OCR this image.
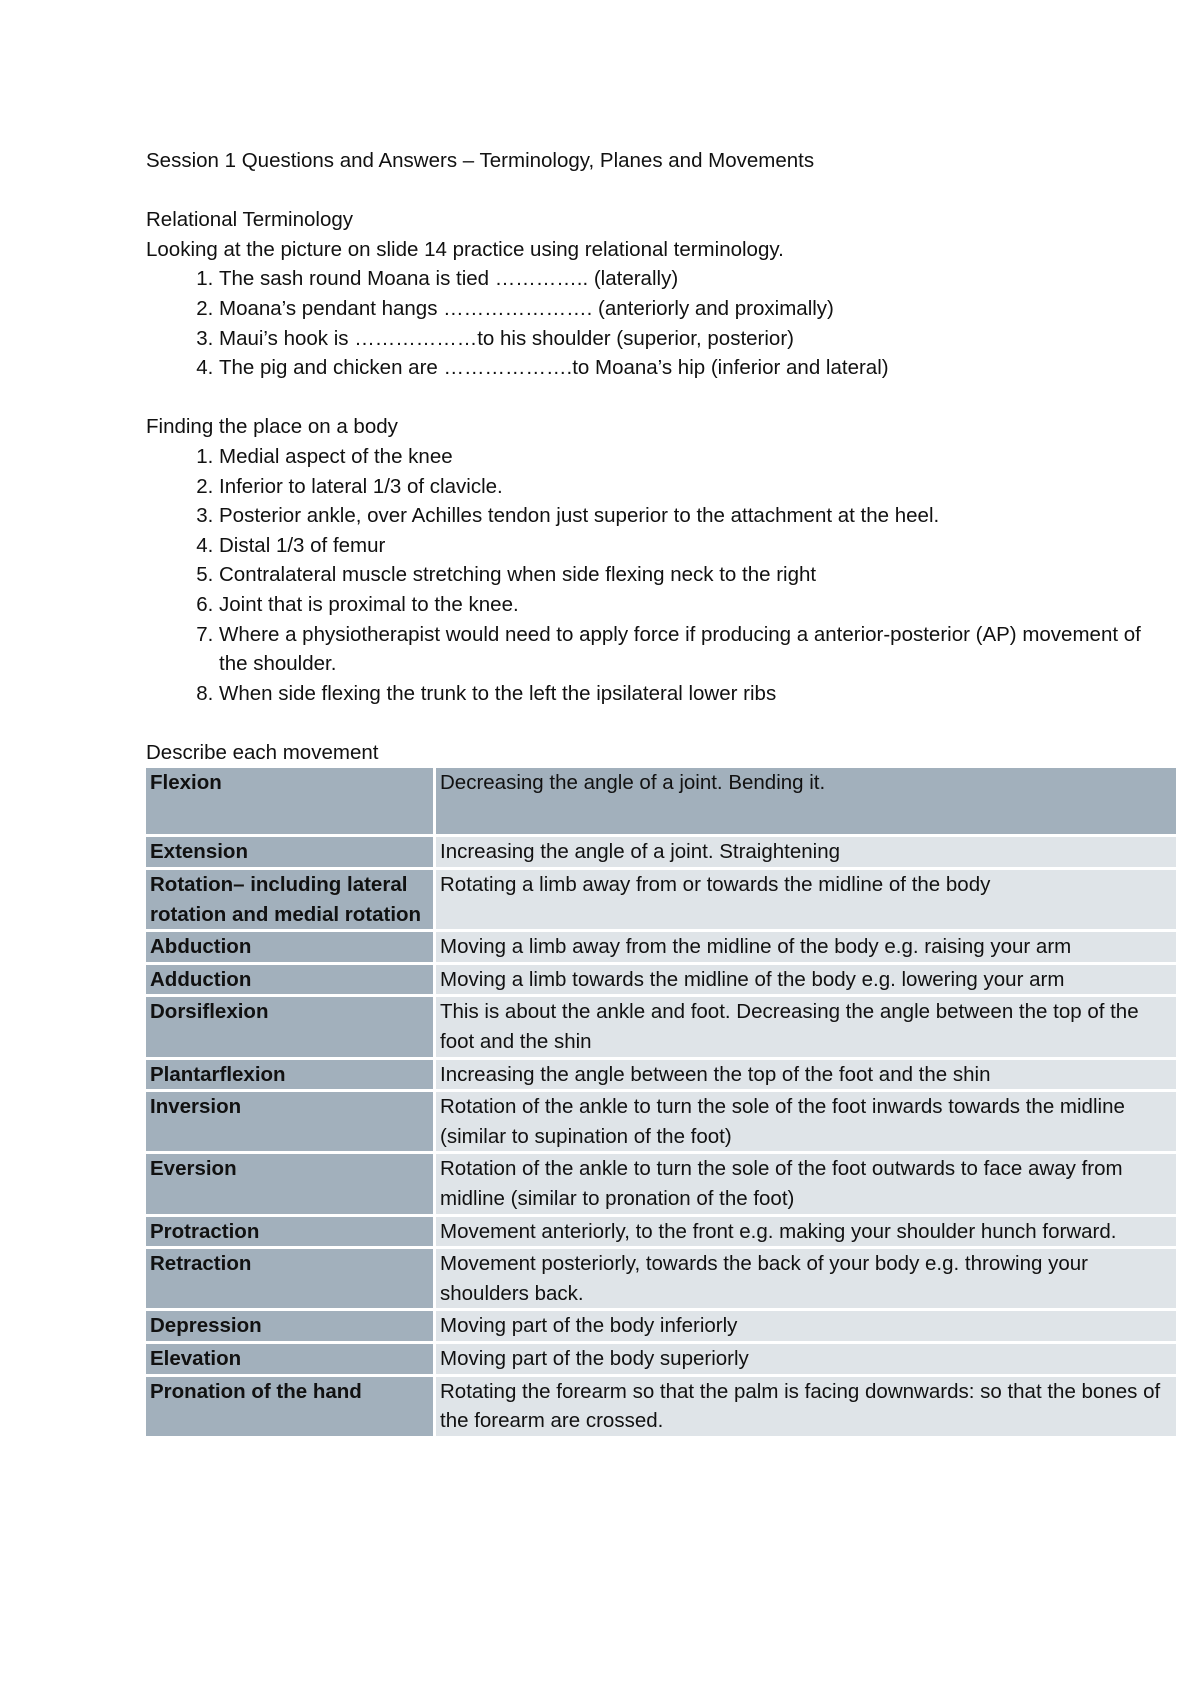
Session 1 Questions and Answers – Terminology, Planes and Movements

Relational Terminology

Looking at the picture on slide 14 practice using relational terminology.

1. The sash round Moana is tied ………….. (laterally)
2. Moana’s pendant hangs …………………. (anteriorly and proximally)
3. Maui’s hook is ………………to his shoulder (superior, posterior)
4. The pig and chicken are ……………….to Moana’s hip (inferior and lateral)

Finding the place on a body

1. Medial aspect of the knee
2. Inferior to lateral 1/3 of clavicle.
3. Posterior ankle, over Achilles tendon just superior to the attachment at the heel.
4. Distal 1/3 of femur
5. Contralateral muscle stretching when side flexing neck to the right
6. Joint that is proximal to the knee.
7. Where a physiotherapist would need to apply force if producing a anterior-posterior (AP) movement of the shoulder.
8. When side flexing the trunk to the left the ipsilateral lower ribs

Describe each movement

Flexion	Decreasing the angle of a joint. Bending it.
Extension	Increasing the angle of a joint. Straightening
Rotation– including lateral rotation and medial rotation	Rotating a limb away from or towards the midline of the body
Abduction	Moving a limb away from the midline of the body e.g. raising your arm
Adduction	Moving a limb towards the midline of the body e.g. lowering your arm
Dorsiflexion	This is about the ankle and foot. Decreasing the angle between the top of the foot and the shin
Plantarflexion	Increasing the angle between the top of the foot and the shin
Inversion	Rotation of the ankle to turn the sole of the foot inwards towards the midline (similar to supination of the foot)
Eversion	Rotation of the ankle to turn the sole of the foot outwards to face away from midline (similar to pronation of the foot)
Protraction	Movement anteriorly, to the front e.g. making your shoulder hunch forward.
Retraction	Movement posteriorly, towards the back of your body e.g. throwing your shoulders back.
Depression	Moving part of the body inferiorly
Elevation	Moving part of the body superiorly
Pronation of the hand	Rotating the forearm so that the palm is facing downwards: so that the bones of the forearm are crossed.
